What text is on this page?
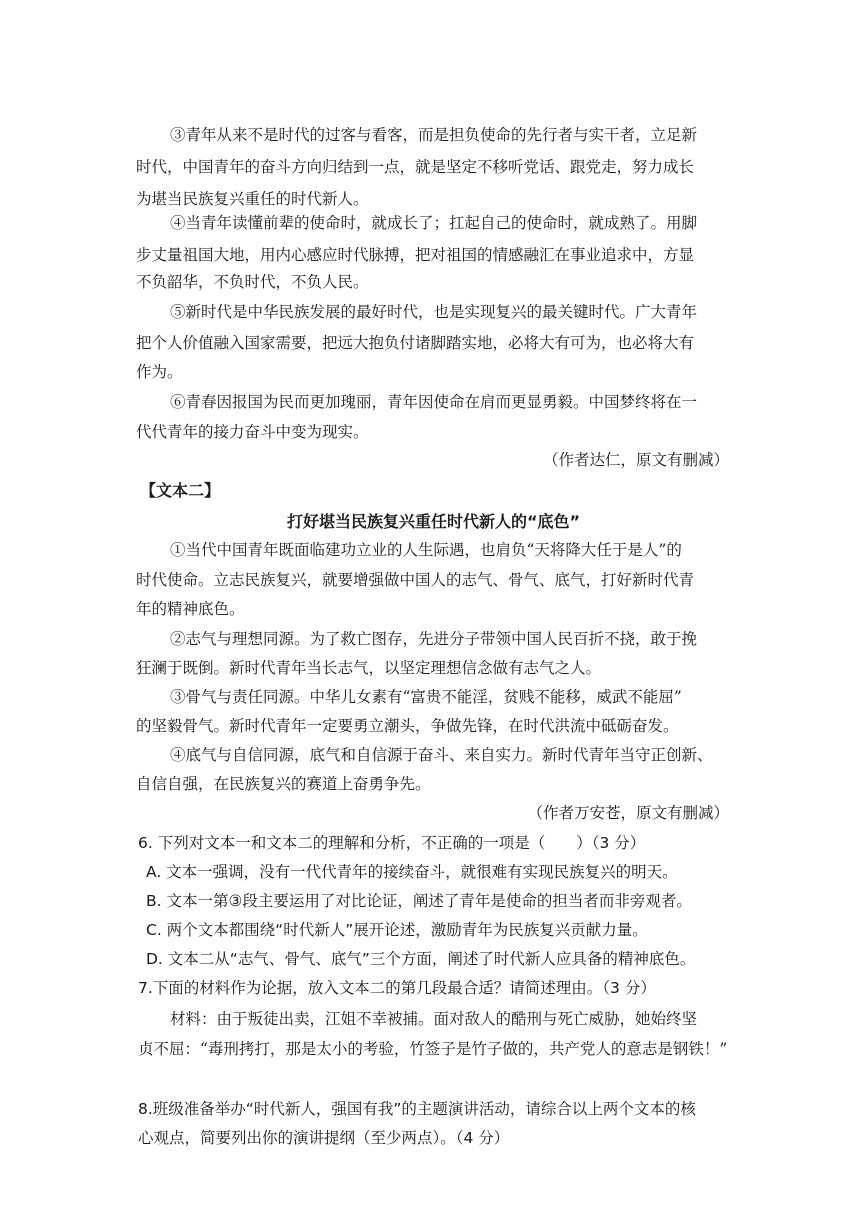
③青年从来不是时代的过客与看客，而是担负使命的先行者与实干者，立足新
时代，中国青年的奋斗方向归结到一点，就是坚定不移听党话、跟党走，努力成长
为堪当民族复兴重任的时代新人。
④当青年读懂前辈的使命时，就成长了；扛起自己的使命时，就成熟了。用脚
步丈量祖国大地，用内心感应时代脉搏，把对祖国的情感融汇在事业追求中，方显
不负韶华，不负时代，不负人民。
⑤新时代是中华民族发展的最好时代，也是实现复兴的最关键时代。广大青年
把个人价值融入国家需要，把远大抱负付诸脚踏实地，必将大有可为，也必将大有
作为。
⑥青春因报国为民而更加瑰丽，青年因使命在肩而更显勇毅。中国梦终将在一
代代青年的接力奋斗中变为现实。
（作者达仁，原文有删减）
【文本二】
打好堪当民族复兴重任时代新人的“底色”
①当代中国青年既面临建功立业的人生际遇，也肩负“天将降大任于是人”的
时代使命。立志民族复兴，就要增强做中国人的志气、骨气、底气，打好新时代青
年的精神底色。
②志气与理想同源。为了救亡图存，先进分子带领中国人民百折不挠，敢于挽
狂澜于既倒。新时代青年当长志气，以坚定理想信念做有志气之人。
③骨气与责任同源。中华儿女素有“富贵不能淫，贫贱不能移，威武不能屈”
的坚毅骨气。新时代青年一定要勇立潮头，争做先锋，在时代洪流中砥砺奋发。
④底气与自信同源，底气和自信源于奋斗、来自实力。新时代青年当守正创新、
自信自强，在民族复兴的赛道上奋勇争先。
（作者万安苍，原文有删减）
6. 下列对文本一和文本二的理解和分析，不正确的一项是（　　）（3 分）
A. 文本一强调，没有一代代青年的接续奋斗，就很难有实现民族复兴的明天。
B. 文本一第③段主要运用了对比论证，阐述了青年是使命的担当者而非旁观者。
C. 两个文本都围绕“时代新人”展开论述，激励青年为民族复兴贡献力量。
D. 文本二从“志气、骨气、底气”三个方面，阐述了时代新人应具备的精神底色。
7.下面的材料作为论据，放入文本二的第几段最合适？请简述理由。（3 分）
材料：由于叛徒出卖，江姐不幸被捕。面对敌人的酷刑与死亡威胁，她始终坚
贞不屈：“毒刑拷打，那是太小的考验，竹签子是竹子做的，共产党人的意志是钢铁！”
8.班级准备举办“时代新人，强国有我”的主题演讲活动，请综合以上两个文本的核
心观点，简要列出你的演讲提纲（至少两点）。（4 分）
